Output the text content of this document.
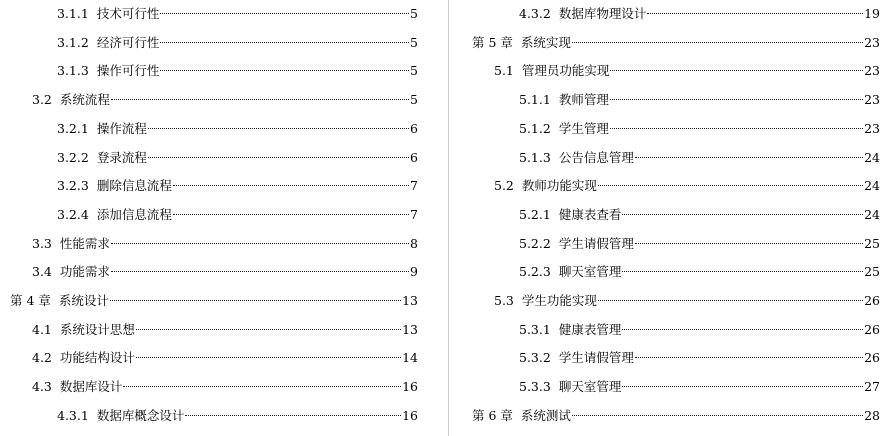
3.1.1 技术可行性	5
3.1.2 经济可行性	5
3.1.3 操作可行性	5
3.2 系统流程	5
3.2.1 操作流程	6
3.2.2 登录流程	6
3.2.3 删除信息流程	7
3.2.4 添加信息流程	7
3.3 性能需求	8
3.4 功能需求	9
第 4 章 系统设计	13
4.1 系统设计思想	13
4.2 功能结构设计	14
4.3 数据库设计	16
4.3.1 数据库概念设计	16
4.3.2 数据库物理设计	19
第 5 章 系统实现	23
5.1 管理员功能实现	23
5.1.1 教师管理	23
5.1.2 学生管理	23
5.1.3 公告信息管理	24
5.2 教师功能实现	24
5.2.1 健康表查看	24
5.2.2 学生请假管理	25
5.2.3 聊天室管理	25
5.3 学生功能实现	26
5.3.1 健康表管理	26
5.3.2 学生请假管理	26
5.3.3 聊天室管理	27
第 6 章 系统测试	28
